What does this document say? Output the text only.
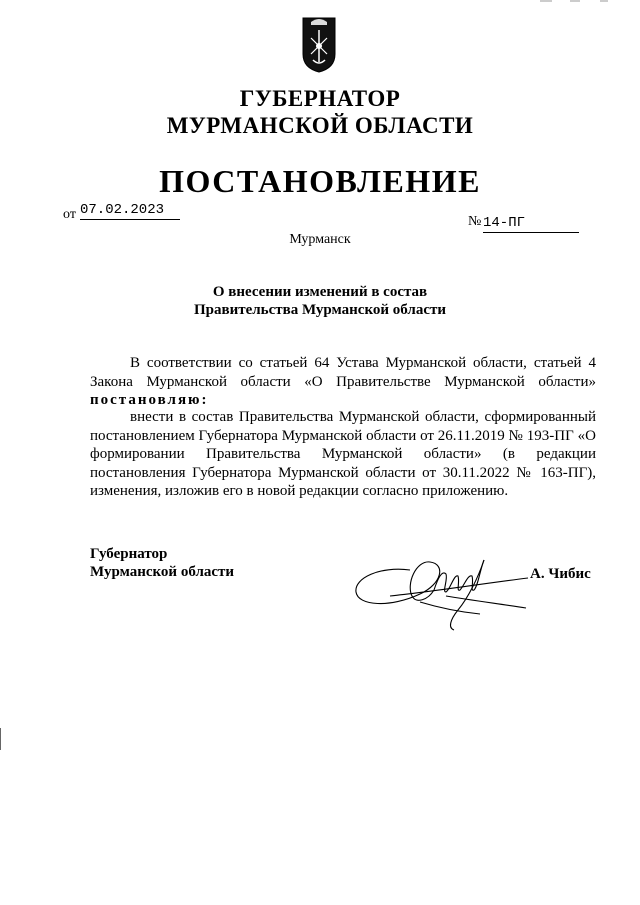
ГУБЕРНАТОР
МУРМАНСКОЙ ОБЛАСТИ
ПОСТАНОВЛЕНИЕ
от 07.02.2023
№ 14-ПГ
Мурманск
О внесении изменений в состав
Правительства Мурманской области
В соответствии со статьей 64 Устава Мурманской области, статьей 4 Закона Мурманской области «О Правительстве Мурманской области» постановляю:
внести в состав Правительства Мурманской области, сформированный постановлением Губернатора Мурманской области от 26.11.2019 № 193-ПГ «О формировании Правительства Мурманской области» (в редакции постановления Губернатора Мурманской области от 30.11.2022 № 163-ПГ), изменения, изложив его в новой редакции согласно приложению.
Губернатор
Мурманской области	А. Чибис
